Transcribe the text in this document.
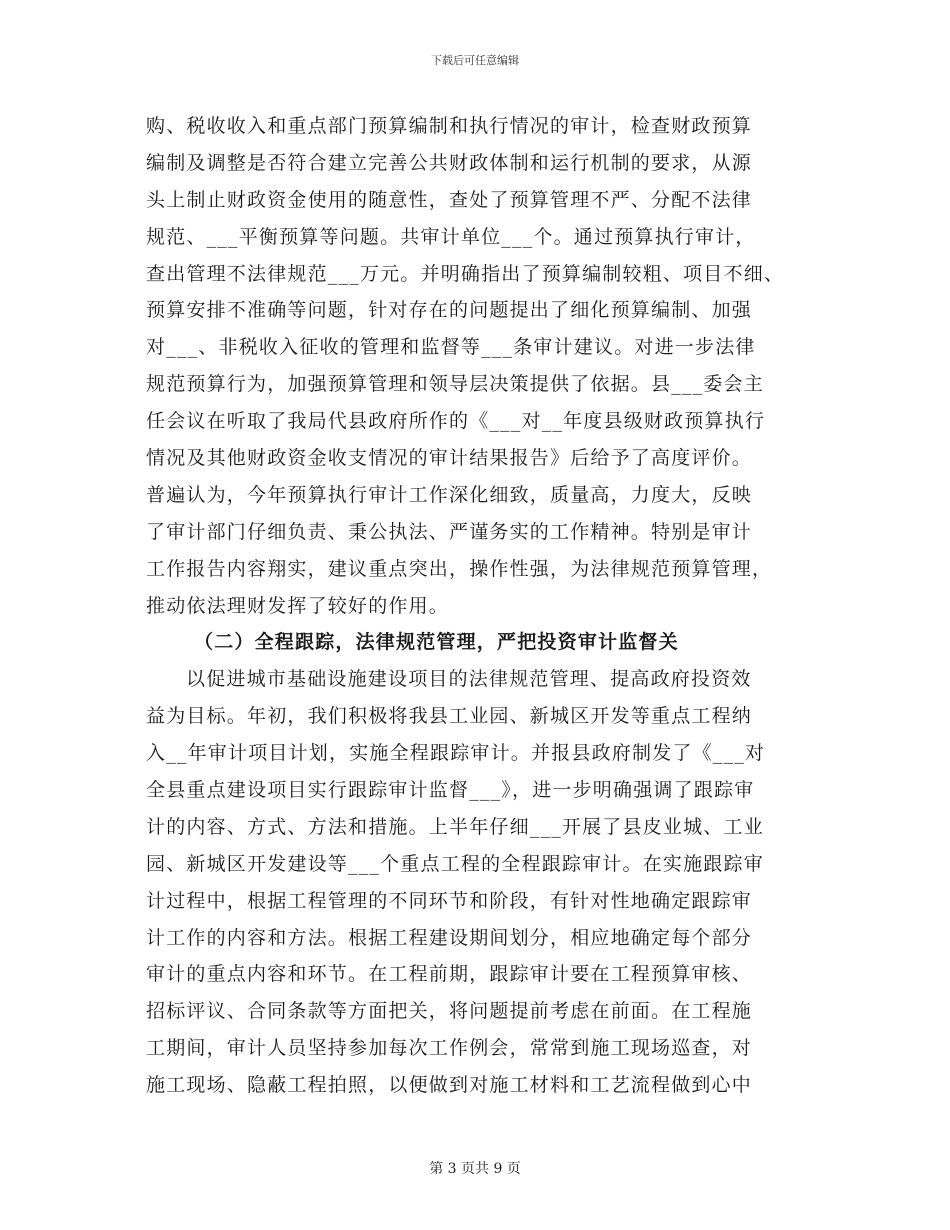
下载后可任意编辑
购、税收收入和重点部门预算编制和执行情况的审计，检查财政预算
编制及调整是否符合建立完善公共财政体制和运行机制的要求，从源
头上制止财政资金使用的随意性，查处了预算管理不严、分配不法律
规范、___平衡预算等问题。共审计单位___个。通过预算执行审计，
查出管理不法律规范___万元。并明确指出了预算编制较粗、项目不细、
预算安排不准确等问题，针对存在的问题提出了细化预算编制、加强
对___、非税收入征收的管理和监督等___条审计建议。对进一步法律
规范预算行为，加强预算管理和领导层决策提供了依据。县___委会主
任会议在听取了我局代县政府所作的《___对__年度县级财政预算执行
情况及其他财政资金收支情况的审计结果报告》后给予了高度评价。
普遍认为，今年预算执行审计工作深化细致，质量高，力度大，反映
了审计部门仔细负责、秉公执法、严谨务实的工作精神。特别是审计
工作报告内容翔实，建议重点突出，操作性强，为法律规范预算管理，
推动依法理财发挥了较好的作用。
（二）全程跟踪，法律规范管理，严把投资审计监督关
以促进城市基础设施建设项目的法律规范管理、提高政府投资效
益为目标。年初，我们积极将我县工业园、新城区开发等重点工程纳
入__年审计项目计划，实施全程跟踪审计。并报县政府制发了《___对
全县重点建设项目实行跟踪审计监督___》，进一步明确强调了跟踪审
计的内容、方式、方法和措施。上半年仔细___开展了县皮业城、工业
园、新城区开发建设等___个重点工程的全程跟踪审计。在实施跟踪审
计过程中，根据工程管理的不同环节和阶段，有针对性地确定跟踪审
计工作的内容和方法。根据工程建设期间划分，相应地确定每个部分
审计的重点内容和环节。在工程前期，跟踪审计要在工程预算审核、
招标评议、合同条款等方面把关，将问题提前考虑在前面。在工程施
工期间，审计人员坚持参加每次工作例会，常常到施工现场巡查，对
施工现场、隐蔽工程拍照，以便做到对施工材料和工艺流程做到心中
第 3 页共 9 页
